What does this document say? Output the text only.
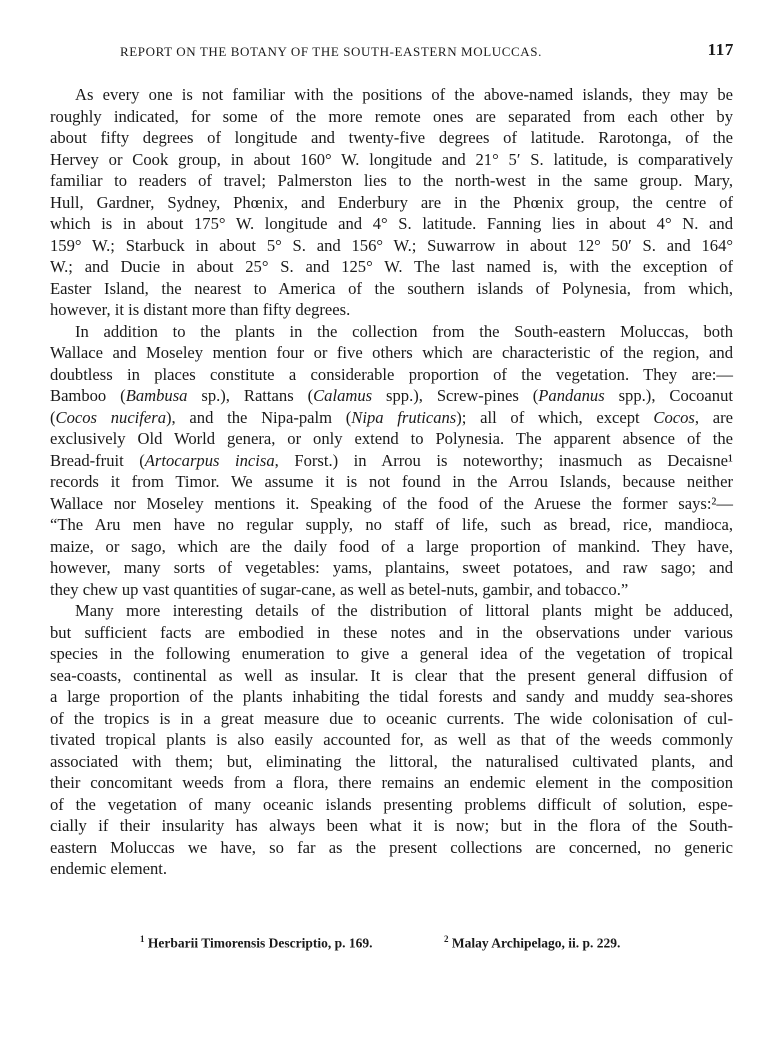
REPORT ON THE BOTANY OF THE SOUTH-EASTERN MOLUCCAS.	117
As every one is not familiar with the positions of the above-named islands, they may be
roughly indicated, for some of the more remote ones are separated from each other by
about fifty degrees of longitude and twenty-five degrees of latitude. Rarotonga, of the
Hervey or Cook group, in about 160° W. longitude and 21° 5′ S. latitude, is comparatively
familiar to readers of travel; Palmerston lies to the north-west in the same group. Mary,
Hull, Gardner, Sydney, Phœnix, and Enderbury are in the Phœnix group, the centre of
which is in about 175° W. longitude and 4° S. latitude. Fanning lies in about 4° N. and
159° W.; Starbuck in about 5° S. and 156° W.; Suwarrow in about 12° 50′ S. and 164°
W.; and Ducie in about 25° S. and 125° W. The last named is, with the exception of
Easter Island, the nearest to America of the southern islands of Polynesia, from which,
however, it is distant more than fifty degrees.
In addition to the plants in the collection from the South-eastern Moluccas, both
Wallace and Moseley mention four or five others which are characteristic of the region, and
doubtless in places constitute a considerable proportion of the vegetation. They are:—
Bamboo (Bambusa sp.), Rattans (Calamus spp.), Screw-pines (Pandanus spp.), Cocoanut
(Cocos nucifera), and the Nipa-palm (Nipa fruticans); all of which, except Cocos, are
exclusively Old World genera, or only extend to Polynesia. The apparent absence of the
Bread-fruit (Artocarpus incisa, Forst.) in Arrou is noteworthy; inasmuch as Decaisne¹
records it from Timor. We assume it is not found in the Arrou Islands, because neither
Wallace nor Moseley mentions it. Speaking of the food of the Aruese the former says:²—
“The Aru men have no regular supply, no staff of life, such as bread, rice, mandioca,
maize, or sago, which are the daily food of a large proportion of mankind. They have,
however, many sorts of vegetables: yams, plantains, sweet potatoes, and raw sago; and
they chew up vast quantities of sugar-cane, as well as betel-nuts, gambir, and tobacco.”
Many more interesting details of the distribution of littoral plants might be adduced,
but sufficient facts are embodied in these notes and in the observations under various
species in the following enumeration to give a general idea of the vegetation of tropical
sea-coasts, continental as well as insular. It is clear that the present general diffusion of
a large proportion of the plants inhabiting the tidal forests and sandy and muddy sea-shores
of the tropics is in a great measure due to oceanic currents. The wide colonisation of cul-
tivated tropical plants is also easily accounted for, as well as that of the weeds commonly
associated with them; but, eliminating the littoral, the naturalised cultivated plants, and
their concomitant weeds from a flora, there remains an endemic element in the composition
of the vegetation of many oceanic islands presenting problems difficult of solution, espe-
cially if their insularity has always been what it is now; but in the flora of the South-
eastern Moluccas we have, so far as the present collections are concerned, no generic
endemic element.
$^1$ Herbarii Timorensis Descriptio, p. 169.	$^2$ Malay Archipelago, ii. p. 229.
